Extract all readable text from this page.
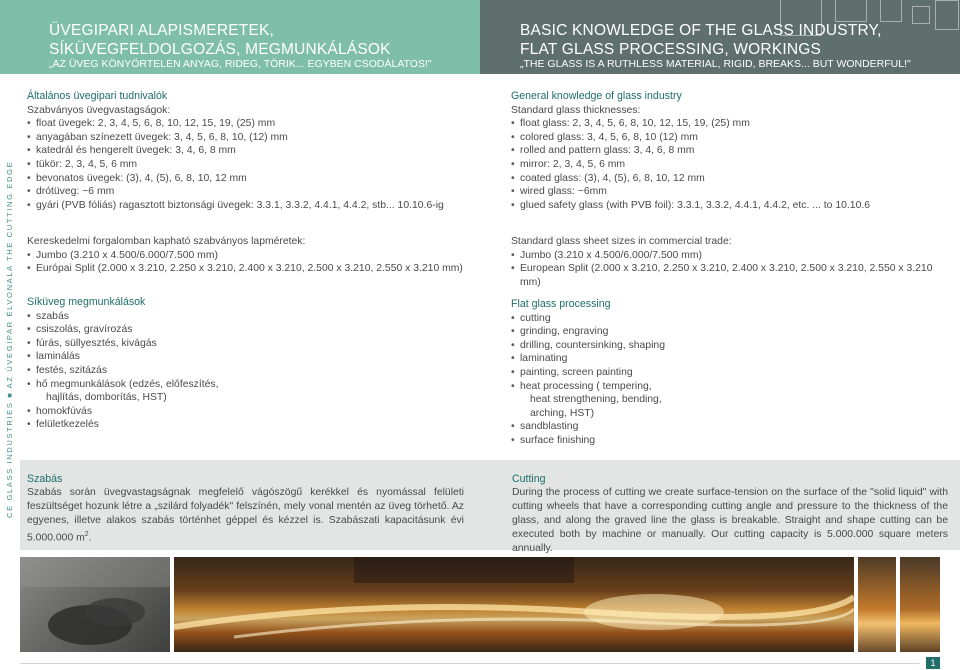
ÜVEGIPARI ALAPISMERETEK,
SÍKÜVEGFELDOLGOZÁS, MEGMUNKÁLÁSOK
„AZ ÜVEG KÖNYÖRTELEN ANYAG, RIDEG, TÖRIK... EGYBEN CSODÁLATOS!"
BASIC KNOWLEDGE OF THE GLASS INDUSTRY,
FLAT GLASS PROCESSING, WORKINGS
„THE GLASS IS A RUTHLESS MATERIAL, RIGID, BREAKS... BUT WONDERFUL!"
CE GLASS INDUSTRIES ■ AZ ÜVEGIPAR ÉLVONALA THE CUTTING EDGE
Általános üvegipari tudnivalók
Szabványos üvegvastagságok:
• float üvegek: 2, 3, 4, 5, 6, 8, 10, 12, 15, 19, (25) mm
• anyagában színezett üvegek: 3, 4, 5, 6, 8, 10, (12) mm
• katedrál és hengerelt üvegek: 3, 4, 6, 8 mm
• tükör: 2, 3, 4, 5, 6 mm
• bevonatos üvegek: (3), 4, (5), 6, 8, 10, 12 mm
• drótüveg: ~6 mm
• gyári (PVB fóliás) ragasztott biztonsági üvegek: 3.3.1, 3.3.2, 4.4.1, 4.4.2, stb... 10.10.6-ig
Kereskedelmi forgalomban kapható szabványos lapméretek:
• Jumbo (3.210 x 4.500/6.000/7.500 mm)
• Európai Split (2.000 x 3.210, 2.250 x 3.210, 2.400 x 3.210, 2.500 x 3.210, 2.550 x 3.210 mm)
Síküveg megmunkálások
• szabás
• csiszolás, gravírozás
• fúrás, süllyesztés, kivágás
• laminálás
• festés, szitázás
• hő megmunkálások (edzés, előfeszítés,
hajlítás, domborítás, HST)
• homokfúvás
• felületkezelés
General knowledge of glass industry
Standard glass thicknesses:
• float glass: 2, 3, 4, 5, 6, 8, 10, 12, 15, 19, (25) mm
• colored glass: 3, 4, 5, 6, 8, 10 (12) mm
• rolled and pattern glass: 3, 4, 6, 8 mm
• mirror: 2, 3, 4, 5, 6 mm
• coated glass: (3), 4, (5), 6, 8, 10, 12 mm
• wired glass: ~6mm
• glued safety glass (with PVB foil): 3.3.1, 3.3.2, 4.4.1, 4.4.2, etc. ... to 10.10.6
Standard glass sheet sizes in commercial trade:
• Jumbo (3.210 x 4.500/6.000/7.500 mm)
• European Split (2.000 x 3.210, 2.250 x 3.210, 2.400 x 3.210, 2.500 x 3.210, 2.550 x 3.210 mm)
Flat glass processing
• cutting
• grinding, engraving
• drilling, countersinking, shaping
• laminating
• painting, screen painting
• heat processing ( tempering,
heat strengthening, bending,
arching, HST)
• sandblasting
• surface finishing
Szabás
Szabás során üvegvastagságnak megfelelő vágószögű kerékkel és nyomással felületi feszültséget hozunk létre a „szilárd folyadék" felszínén, mely vonal mentén az üveg törhető. Az egyenes, illetve alakos szabás történhet géppel és kézzel is. Szabászati kapacitásunk évi 5.000.000 $m^2$.
Cutting
During the process of cutting we create surface-tension on the surface of the "solid liquid" with cutting wheels that have a corresponding cutting angle and pressure to the thickness of the glass, and along the graved line the glass is breakable. Straight and shape cutting can be executed both by machine or manually. Our cutting capacity is 5.000.000 square meters annually.
1
